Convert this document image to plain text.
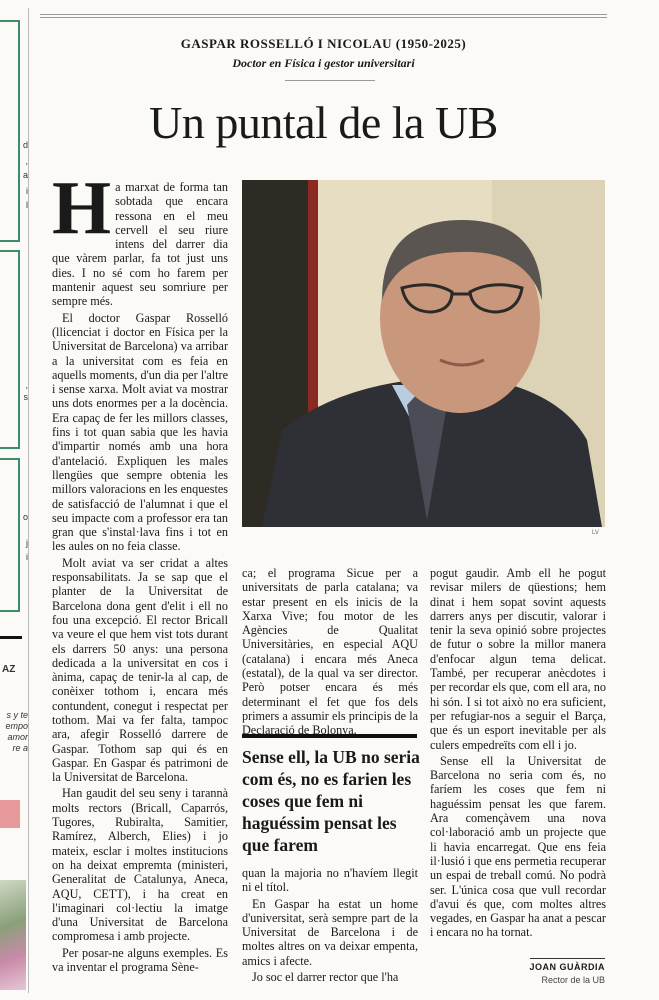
d
,
a
i
l
,
s
o
j
i
AZ
s y te
empo
amor
re a
GASPAR ROSSELLÓ I NICOLAU (1950-2025)
Doctor en Física i gestor universitari
Un puntal de la UB

Ha marxat de forma tan sobtada que encara ressona en el meu cervell el seu riure intens del darrer dia que vàrem parlar, fa tot just uns dies. I no sé com ho farem per mantenir aquest seu somriure per sempre més.

El doctor Gaspar Rosselló (llicenciat i doctor en Física per la Universitat de Barcelona) va arribar a la universitat com es feia en aquells moments, d'un dia per l'altre i sense xarxa. Molt aviat va mostrar uns dots enormes per a la docència. Era capaç de fer les millors classes, fins i tot quan sabia que les havia d'impartir només amb una hora d'antelació. Expliquen les males llengües que sempre obtenia les millors valoracions en les enquestes de satisfacció de l'alumnat i que el seu impacte com a professor era tan gran que s'instal·lava fins i tot en les aules on no feia classe.

Molt aviat va ser cridat a altes responsabilitats. Ja se sap que el planter de la Universitat de Barcelona dona gent d'elit i ell no fou una excepció. El rector Bricall va veure el que hem vist tots durant els darrers 50 anys: una persona dedicada a la universitat en cos i ànima, capaç de tenir-la al cap, de conèixer tothom i, encara més contundent, conegut i respectat per tothom. Mai va fer falta, tampoc ara, afegir Rosselló darrere de Gaspar. Tothom sap qui és en Gaspar. En Gaspar és patrimoni de la Universitat de Barcelona.

Han gaudit del seu seny i tarannà molts rectors (Bricall, Caparrós, Tugores, Rubiralta, Samitier, Ramírez, Alberch, Elies) i jo mateix, esclar i moltes institucions on ha deixat empremta (ministeri, Generalitat de Catalunya, Aneca, AQU, CETT), i ha creat en l'imaginari col·lectiu la imatge d'una Universitat de Barcelona compromesa i amb projecte.

Per posar-ne alguns exemples. Es va inventar el programa Sène-

LV

ca; el programa Sicue per a universitats de parla catalana; va estar present en els inicis de la Xarxa Vive; fou motor de les Agències de Qualitat Universitàries, en especial AQU (catalana) i encara més Aneca (estatal), de la qual va ser director. Però potser encara és més determinant el fet que fos dels primers a assumir els principis de la Declaració de Bolonya,

Sense ell, la UB no seria com és, no es farien les coses que fem ni haguéssim pensat les que farem

quan la majoria no n'havíem llegit ni el títol.

En Gaspar ha estat un home d'universitat, serà sempre part de la Universitat de Barcelona i de moltes altres on va deixar empenta, amics i afecte.

Jo soc el darrer rector que l'ha

pogut gaudir. Amb ell he pogut revisar milers de qüestions; hem dinat i hem sopat sovint aquests darrers anys per discutir, valorar i tenir la seva opinió sobre projectes de futur o sobre la millor manera d'enfocar algun tema delicat. També, per recuperar anècdotes i per recordar els que, com ell ara, no hi són. I si tot això no era suficient, per refugiar-nos a seguir el Barça, que és un esport inevitable per als culers empedreïts com ell i jo.

Sense ell la Universitat de Barcelona no seria com és, no faríem les coses que fem ni haguéssim pensat les que farem. Ara començàvem una nova col·laboració amb un projecte que li havia encarregat. Que ens feia il·lusió i que ens permetia recuperar un espai de treball comú. No podrà ser. L'única cosa que vull recordar d'avui és que, com moltes altres vegades, en Gaspar ha anat a pescar i encara no ha tornat.

JOAN GUÀRDIA
Rector de la UB
